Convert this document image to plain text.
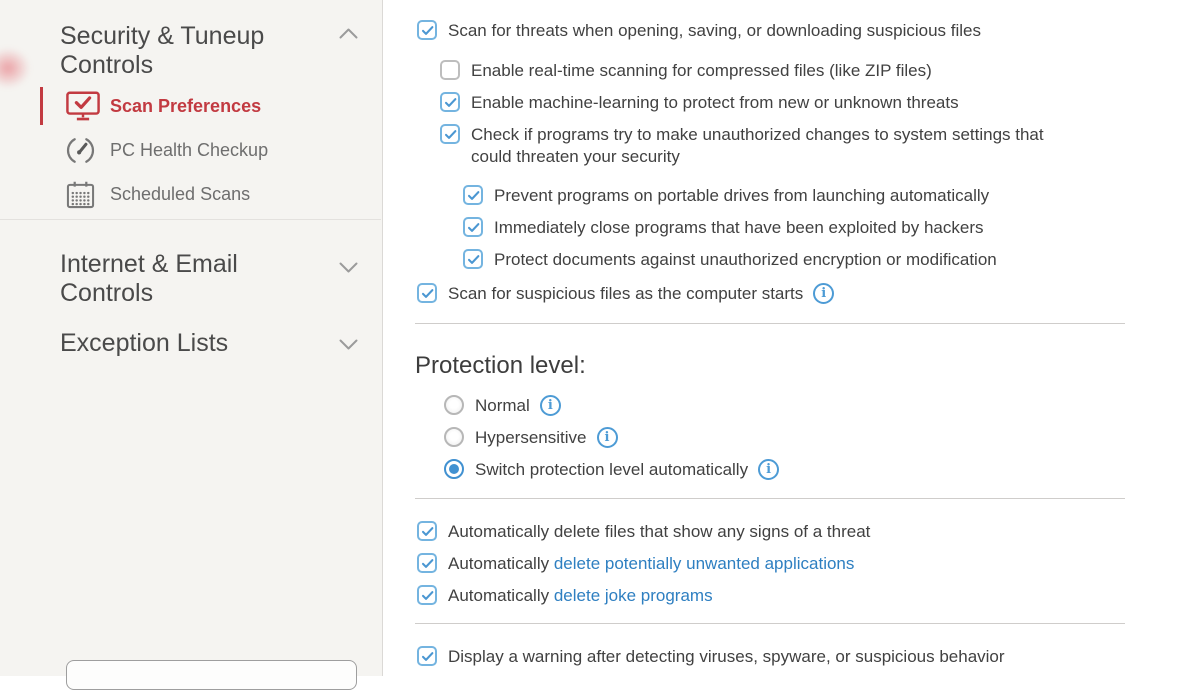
Security & Tuneup Controls
Scan Preferences
PC Health Checkup
Scheduled Scans
Internet & Email Controls
Exception Lists
Scan for threats when opening, saving, or downloading suspicious files
Enable real-time scanning for compressed files (like ZIP files)
Enable machine-learning to protect from new or unknown threats
Check if programs try to make unauthorized changes to system settings that could threaten your security
Prevent programs on portable drives from launching automatically
Immediately close programs that have been exploited by hackers
Protect documents against unauthorized encryption or modification
Scan for suspicious files as the computer starts	i
Protection level:
Normal	i
Hypersensitive	i
Switch protection level automatically	i
Automatically delete files that show any signs of a threat
Automatically delete potentially unwanted applications
Automatically delete joke programs
Display a warning after detecting viruses, spyware, or suspicious behavior
